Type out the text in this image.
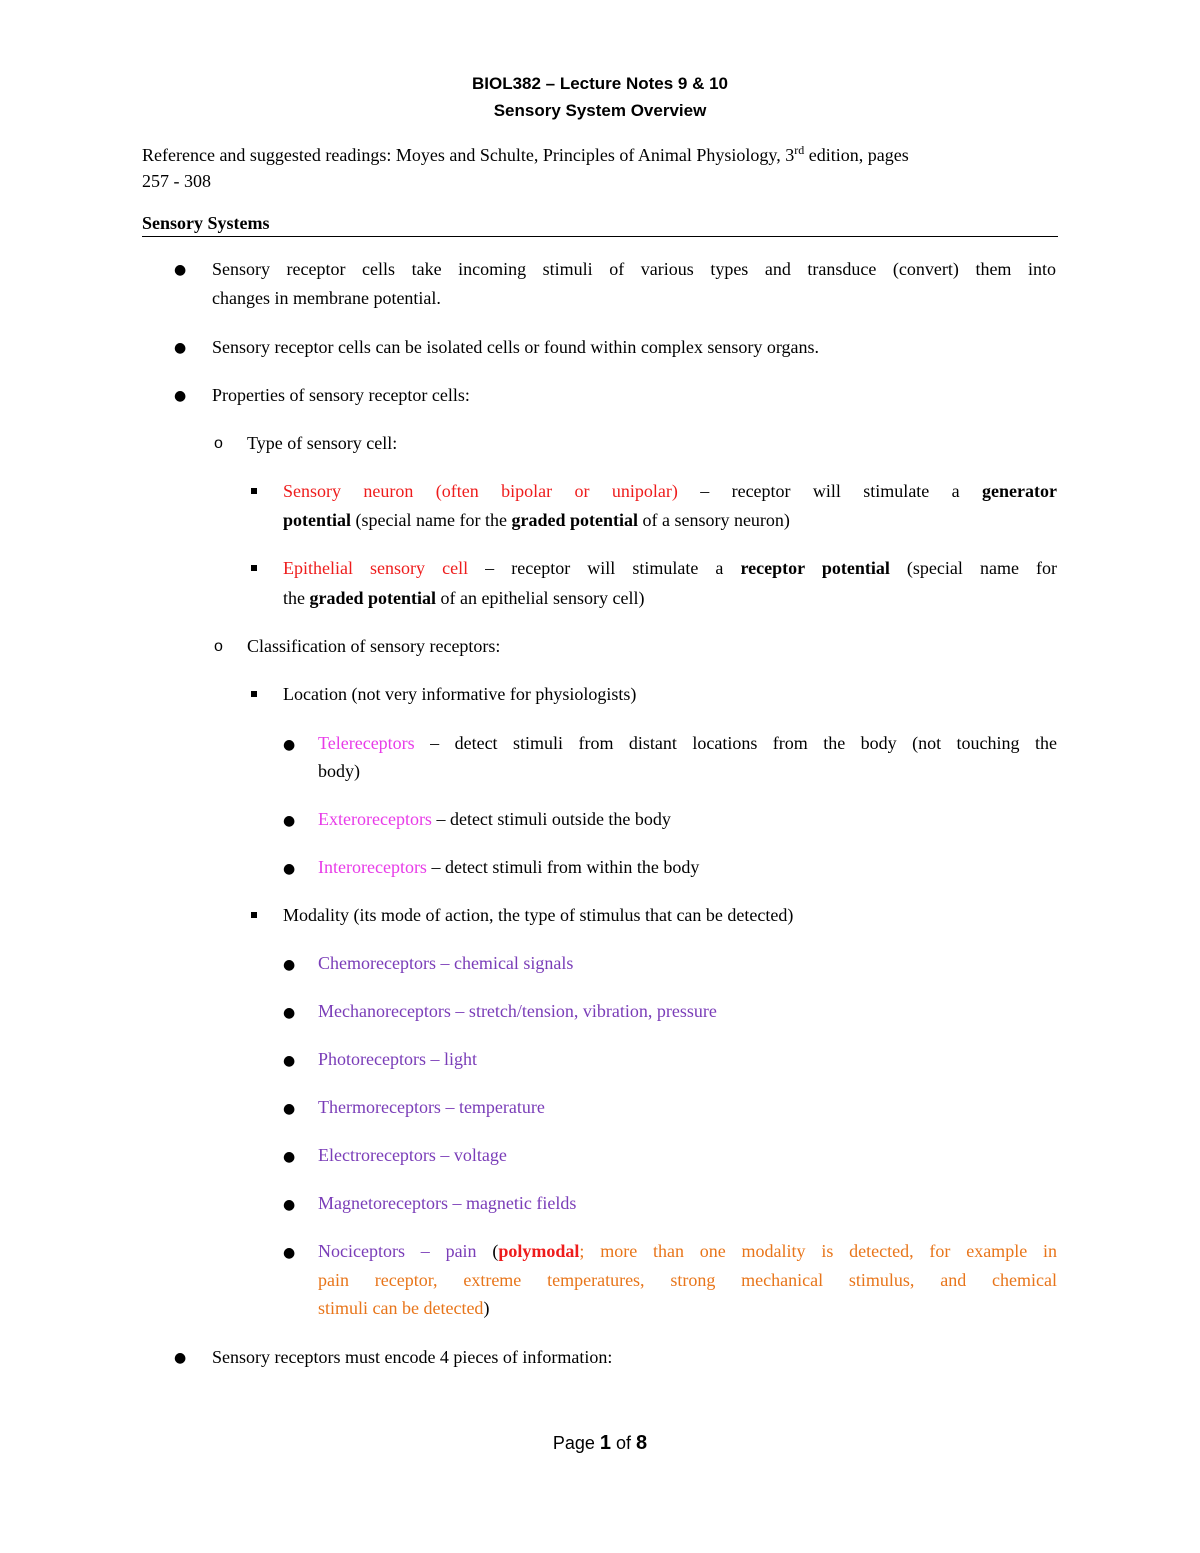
BIOL382 – Lecture Notes 9 & 10
Sensory System Overview
Reference and suggested readings: Moyes and Schulte, Principles of Animal Physiology, 3rd edition, pages
257 - 308
Sensory Systems
● Sensory receptor cells take incoming stimuli of various types and transduce (convert) them into
changes in membrane potential.
● Sensory receptor cells can be isolated cells or found within complex sensory organs.
● Properties of sensory receptor cells:
o Type of sensory cell:
Sensory neuron (often bipolar or unipolar) – receptor will stimulate a generator
potential (special name for the graded potential of a sensory neuron)
Epithelial sensory cell – receptor will stimulate a receptor potential (special name for
the graded potential of an epithelial sensory cell)
o Classification of sensory receptors:
Location (not very informative for physiologists)
● Telereceptors – detect stimuli from distant locations from the body (not touching the
body)
● Exteroreceptors – detect stimuli outside the body
● Interoreceptors – detect stimuli from within the body
Modality (its mode of action, the type of stimulus that can be detected)
● Chemoreceptors – chemical signals
● Mechanoreceptors – stretch/tension, vibration, pressure
● Photoreceptors – light
● Thermoreceptors – temperature
● Electroreceptors – voltage
● Magnetoreceptors – magnetic fields
● Nociceptors – pain (polymodal; more than one modality is detected, for example in
pain receptor, extreme temperatures, strong mechanical stimulus, and chemical
stimuli can be detected)
● Sensory receptors must encode 4 pieces of information:
Page 1 of 8
